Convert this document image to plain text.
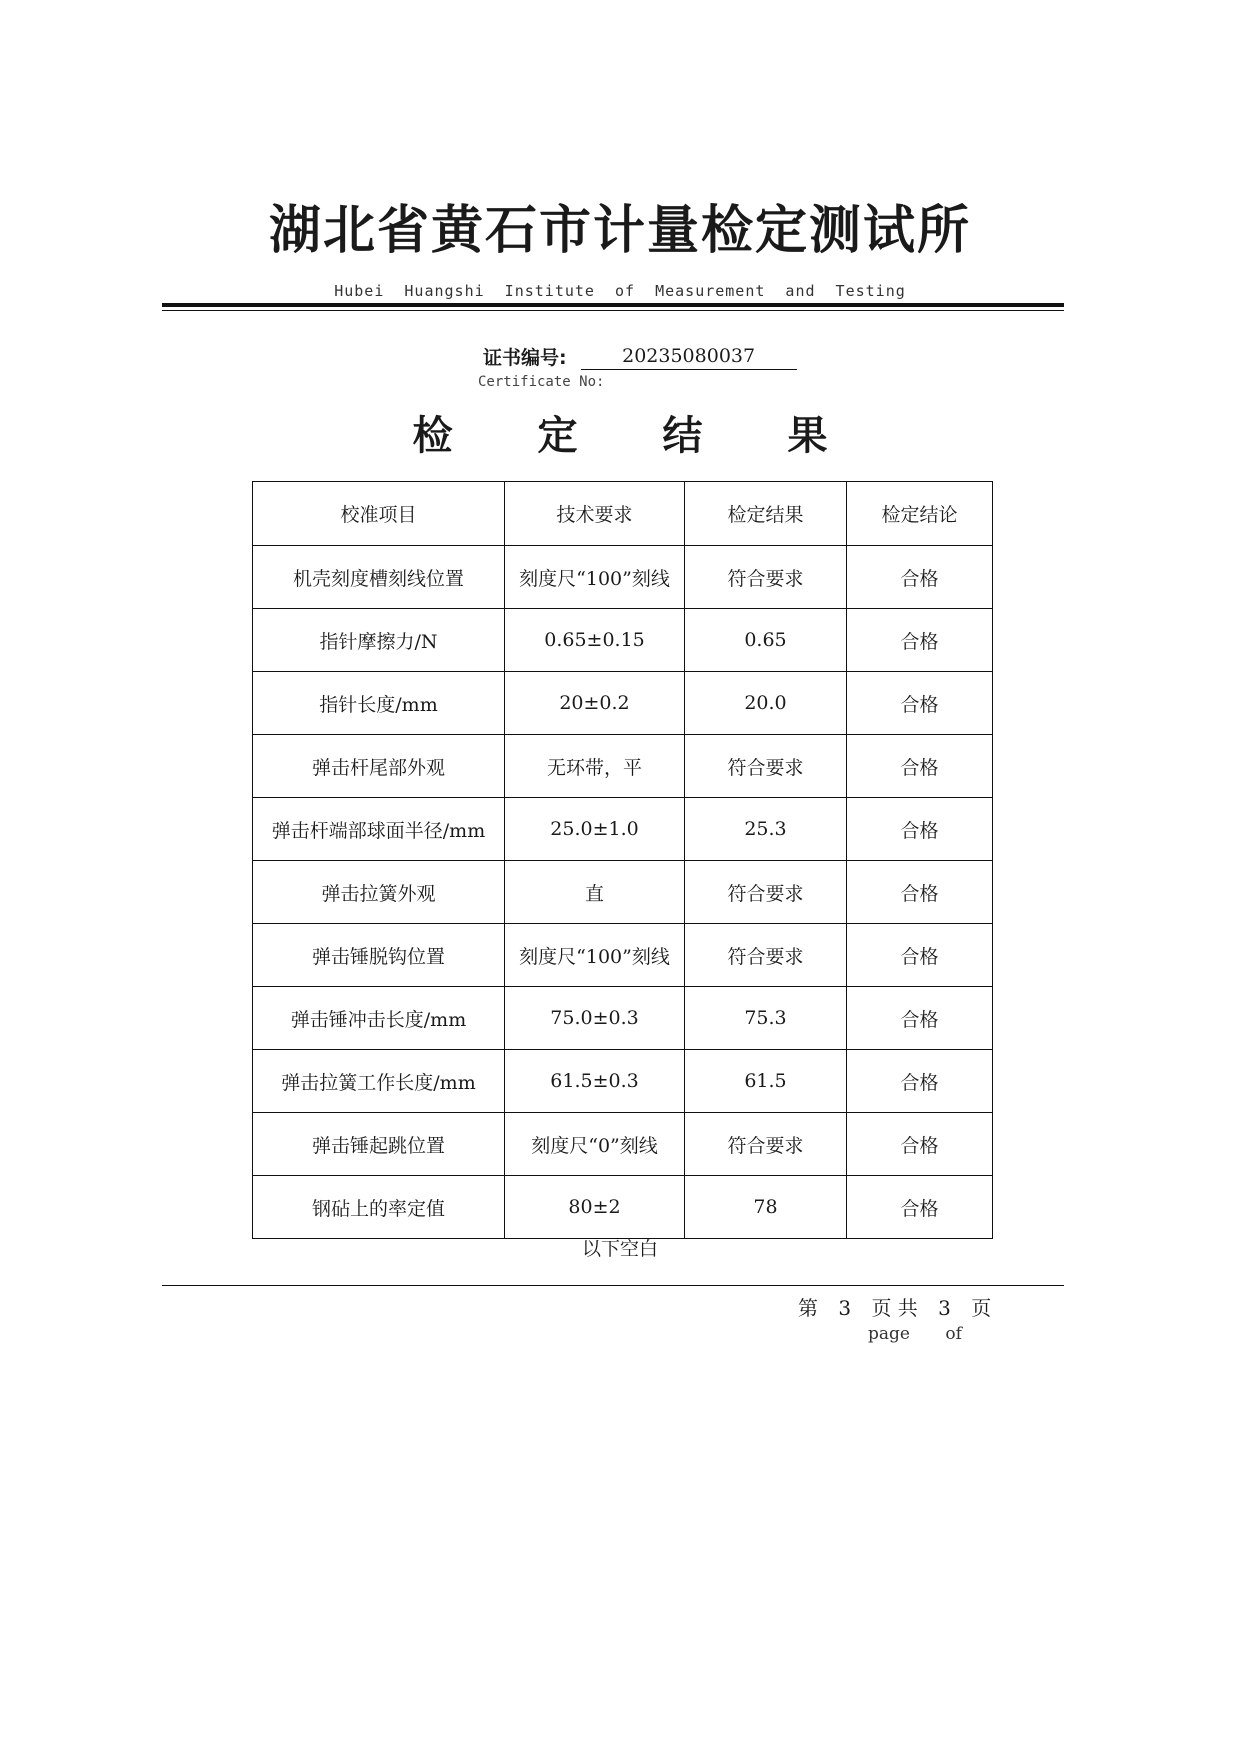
湖北省黄石市计量检定测试所
Hubei Huangshi Institute of Measurement and Testing
证书编号:	20235080037
Certificate No:
检定结果
校准项目	技术要求	检定结果	检定结论
机壳刻度槽刻线位置	刻度尺“100”刻线	符合要求	合格
指针摩擦力/N	0.65±0.15	0.65	合格
指针长度/mm	20±0.2	20.0	合格
弹击杆尾部外观	无环带，平	符合要求	合格
弹击杆端部球面半径/mm	25.0±1.0	25.3	合格
弹击拉簧外观	直	符合要求	合格
弹击锤脱钩位置	刻度尺“100”刻线	符合要求	合格
弹击锤冲击长度/mm	75.0±0.3	75.3	合格
弹击拉簧工作长度/mm	61.5±0.3	61.5	合格
弹击锤起跳位置	刻度尺“0”刻线	符合要求	合格
钢砧上的率定值	80±2	78	合格
以下空白
第 3 页 共 3 页
page of
